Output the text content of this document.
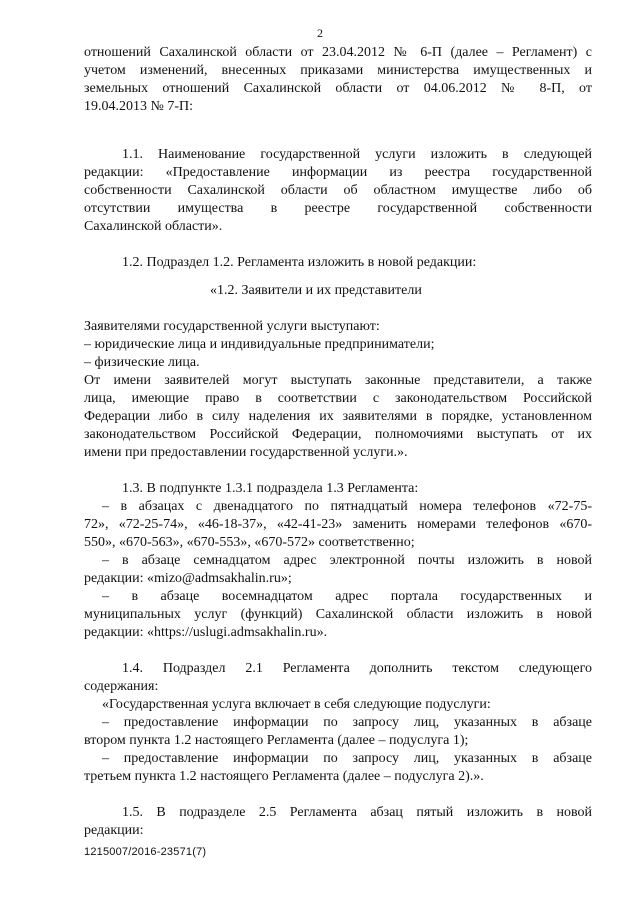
2

отношений Сахалинской области от 23.04.2012 № 6-П (далее – Регламент) с

учетом изменений, внесенных приказами министерства имущественных и

земельных отношений Сахалинской области от 04.06.2012 № 8-П, от

19.04.2013 № 7-П:

1.1. Наименование государственной услуги изложить в следующей

редакции: «Предоставление информации из реестра государственной

собственности Сахалинской области об областном имуществе либо об

отсутствии имущества в реестре государственной собственности

Сахалинской области».

1.2. Подраздел 1.2. Регламента изложить в новой редакции:

«1.2. Заявители и их представители

Заявителями государственной услуги выступают:

– юридические лица и индивидуальные предприниматели;

– физические лица.

От имени заявителей могут выступать законные представители, а также

лица, имеющие право в соответствии с законодательством Российской

Федерации либо в силу наделения их заявителями в порядке, установленном

законодательством Российской Федерации, полномочиями выступать от их

имени при предоставлении государственной услуги.».

1.3. В подпункте 1.3.1 подраздела 1.3 Регламента:

– в абзацах с двенадцатого по пятнадцатый номера телефонов «72-75-

72», «72-25-74», «46-18-37», «42-41-23» заменить номерами телефонов «670-

550», «670-563», «670-553», «670-572» соответственно;

– в абзаце семнадцатом адрес электронной почты изложить в новой

редакции: «mizo@admsakhalin.ru»;

– в абзаце восемнадцатом адрес портала государственных и

муниципальных услуг (функций) Сахалинской области изложить в новой

редакции: «https://uslugi.admsakhalin.ru».

1.4. Подраздел 2.1 Регламента дополнить текстом следующего

содержания:

«Государственная услуга включает в себя следующие подуслуги:

– предоставление информации по запросу лиц, указанных в абзаце

втором пункта 1.2 настоящего Регламента (далее – подуслуга 1);

– предоставление информации по запросу лиц, указанных в абзаце

третьем пункта 1.2 настоящего Регламента (далее – подуслуга 2).».

1.5. В подразделе 2.5 Регламента абзац пятый изложить в новой

редакции:

1215007/2016-23571(7)
